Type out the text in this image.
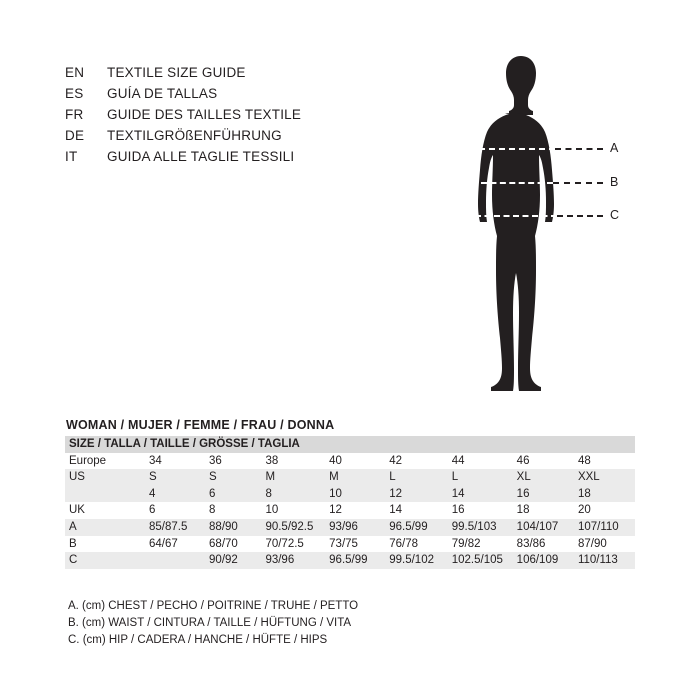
EN	TEXTILE SIZE GUIDE
ES	GUÍA DE TALLAS
FR	GUIDE DES TAILLES TEXTILE
DE	TEXTILGRÖßENFÜHRUNG
IT	GUIDA ALLE TAGLIE TESSILI
A
B
C
WOMAN / MUJER / FEMME / FRAU / DONNA
SIZE / TALLA / TAILLE / GRÖSSE / TAGLIA								
Europe	34	36	38	40	42	44	46	48
US	S	S	M	M	L	L	XL	XXL
	4	6	8	10	12	14	16	18
UK	6	8	10	12	14	16	18	20
A	85/87.5	88/90	90.5/92.5	93/96	96.5/99	99.5/103	104/107	107/110
B	64/67	68/70	70/72.5	73/75	76/78	79/82	83/86	87/90
C		90/92	93/96	96.5/99	99.5/102	102.5/105	106/109	110/113
A. (cm) CHEST / PECHO / POITRINE / TRUHE / PETTO
B. (cm) WAIST / CINTURA / TAILLE / HÜFTUNG / VITA
C. (cm) HIP / CADERA / HANCHE / HÜFTE / HIPS
